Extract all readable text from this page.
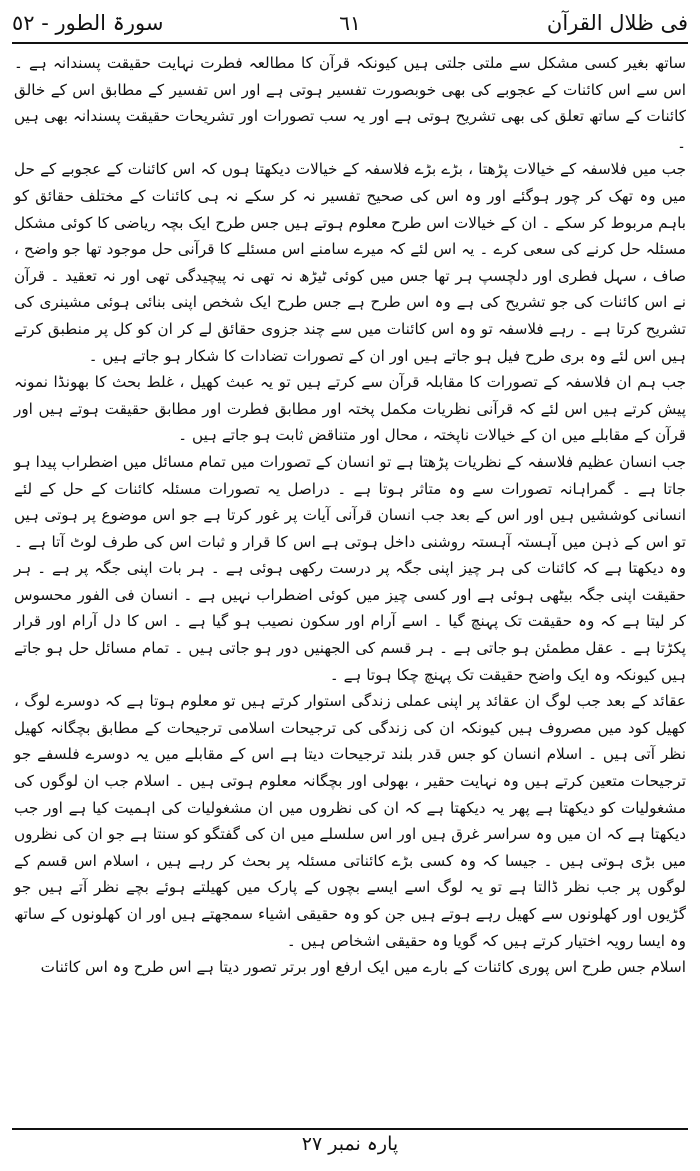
فی ظلال القرآن
٦١
سورۃ الطور - ٥٢

ساتھ بغیر کسی مشکل سے ملتی جلتی ہیں کیونکہ قرآن کا مطالعہ فطرت نہایت حقیقت پسندانہ ہے ۔ اس سے اس کائنات کے عجوبے کی بھی خوبصورت تفسیر ہوتی ہے اور اس تفسیر کے مطابق اس کے خالق کائنات کے ساتھ تعلق کی بھی تشریح ہوتی ہے اور یہ سب تصورات اور تشریحات حقیقت پسندانہ بھی ہیں ۔

جب میں فلاسفہ کے خیالات پڑھتا ، بڑے بڑے فلاسفہ کے خیالات دیکھتا ہوں کہ اس کائنات کے عجوبے کے حل میں وہ تھک کر چور ہوگئے اور وہ اس کی صحیح تفسیر نہ کر سکے نہ ہی کائنات کے مختلف حقائق کو باہم مربوط کر سکے ۔ ان کے خیالات اس طرح معلوم ہوتے ہیں جس طرح ایک بچہ ریاضی کا کوئی مشکل مسئلہ حل کرنے کی سعی کرے ۔ یہ اس لئے کہ میرے سامنے اس مسئلے کا قرآنی حل موجود تھا جو واضح ، صاف ، سہل فطری اور دلچسپ ہر تھا جس میں کوئی ٹیڑھ نہ تھی نہ پیچیدگی تھی اور نہ تعقید ۔ قرآن نے اس کائنات کی جو تشریح کی ہے وہ اس طرح ہے جس طرح ایک شخص اپنی بنائی ہوئی مشینری کی تشریح کرتا ہے ۔ رہے فلاسفہ تو وہ اس کائنات میں سے چند جزوی حقائق لے کر ان کو کل پر منطبق کرتے ہیں اس لئے وہ بری طرح فیل ہو جاتے ہیں اور ان کے تصورات تضادات کا شکار ہو جاتے ہیں ۔

جب ہم ان فلاسفہ کے تصورات کا مقابلہ قرآن سے کرتے ہیں تو یہ عبث کھیل ، غلط بحث کا بھونڈا نمونہ پیش کرتے ہیں اس لئے کہ قرآنی نظریات مکمل پختہ اور مطابق فطرت اور مطابق حقیقت ہوتے ہیں اور قرآن کے مقابلے میں ان کے خیالات ناپختہ ، محال اور متناقض ثابت ہو جاتے ہیں ۔

جب انسان عظیم فلاسفہ کے نظریات پڑھتا ہے تو انسان کے تصورات میں تمام مسائل میں اضطراب پیدا ہو جاتا ہے ۔ گمراہانہ تصورات سے وہ متاثر ہوتا ہے ۔ دراصل یہ تصورات مسئلہ کائنات کے حل کے لئے انسانی کوششیں ہیں اور اس کے بعد جب انسان قرآنی آیات پر غور کرتا ہے جو اس موضوع پر ہوتی ہیں تو اس کے ذہن میں آہستہ آہستہ روشنی داخل ہوتی ہے اس کا قرار و ثبات اس کی طرف لوٹ آتا ہے ۔ وہ دیکھتا ہے کہ کائنات کی ہر چیز اپنی جگہ پر درست رکھی ہوئی ہے ۔ ہر بات اپنی جگہ پر ہے ۔ ہر حقیقت اپنی جگہ بیٹھی ہوئی ہے اور کسی چیز میں کوئی اضطراب نہیں ہے ۔ انسان فی الفور محسوس کر لیتا ہے کہ وہ حقیقت تک پہنچ گیا ۔ اسے آرام اور سکون نصیب ہو گیا ہے ۔ اس کا دل آرام اور قرار پکڑتا ہے ۔ عقل مطمئن ہو جاتی ہے ۔ ہر قسم کی الجھنیں دور ہو جاتی ہیں ۔ تمام مسائل حل ہو جاتے ہیں کیونکہ وہ ایک واضح حقیقت تک پہنچ چکا ہوتا ہے ۔

عقائد کے بعد جب لوگ ان عقائد پر اپنی عملی زندگی استوار کرتے ہیں تو معلوم ہوتا ہے کہ دوسرے لوگ ، کھیل کود میں مصروف ہیں کیونکہ ان کی زندگی کی ترجیحات اسلامی ترجیحات کے مطابق بچگانہ کھیل نظر آتی ہیں ۔ اسلام انسان کو جس قدر بلند ترجیحات دیتا ہے اس کے مقابلے میں یہ دوسرے فلسفے جو ترجیحات متعین کرتے ہیں وہ نہایت حقیر ، بھولی اور بچگانہ معلوم ہوتی ہیں ۔ اسلام جب ان لوگوں کی مشغولیات کو دیکھتا ہے پھر یہ دیکھتا ہے کہ ان کی نظروں میں ان مشغولیات کی اہمیت کیا ہے اور جب دیکھتا ہے کہ ان میں وہ سراسر غرق ہیں اور اس سلسلے میں ان کی گفتگو کو سنتا ہے جو ان کی نظروں میں بڑی ہوتی ہیں ۔ جیسا کہ وہ کسی بڑے کائناتی مسئلہ پر بحث کر رہے ہیں ، اسلام اس قسم کے لوگوں پر جب نظر ڈالتا ہے تو یہ لوگ اسے ایسے بچوں کے پارک میں کھیلتے ہوئے بچے نظر آتے ہیں جو گڑیوں اور کھلونوں سے کھیل رہے ہوتے ہیں جن کو وہ حقیقی اشیاء سمجھتے ہیں اور ان کھلونوں کے ساتھ وہ ایسا رویہ اختیار کرتے ہیں کہ گویا وہ حقیقی اشخاص ہیں ۔

اسلام جس طرح اس پوری کائنات کے بارے میں ایک ارفع اور برتر تصور دیتا ہے اس طرح وہ اس کائنات

پارہ نمبر ٢٧
